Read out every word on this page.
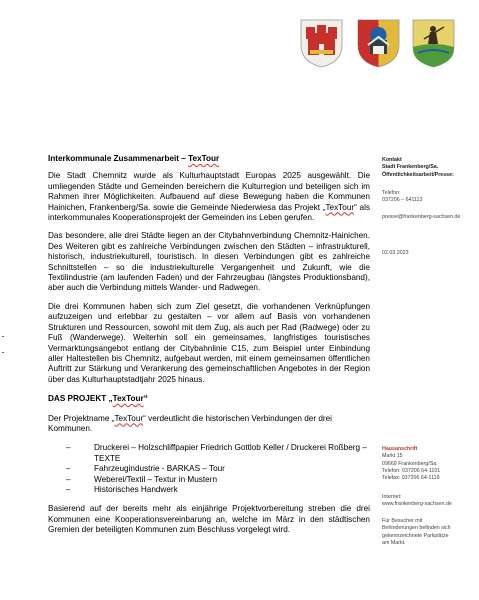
Interkommunale Zusammenarbeit – TexTour

Die Stadt Chemnitz wurde als Kulturhauptstadt Europas 2025 ausgewählt. Die umliegenden Städte und Gemeinden bereichern die Kulturregion und beteiligen sich im Rahmen ihrer Möglichkeiten. Aufbauend auf diese Bewegung haben die Kommunen Hainichen, Frankenberg/Sa. sowie die Gemeinde Niederwiesa das Projekt „TexTour“ als interkommunales Kooperationsprojekt der Gemeinden ins Leben gerufen.

Das besondere, alle drei Städte liegen an der Citybahnverbindung Chemnitz-Hainichen. Des Weiteren gibt es zahlreiche Verbindungen zwischen den Städten – infrastrukturell, historisch, industriekulturell, touristisch. In diesen Verbindungen gibt es zahlreiche Schnittstellen – so die industriekulturelle Vergangenheit und Zukunft, wie die Textilindustrie (am laufenden Faden) und der Fahrzeugbau (längstes Produktionsband), aber auch die Verbindung mittels Wander- und Radwegen.

Die drei Kommunen haben sich zum Ziel gesetzt, die vorhandenen Verknüpfungen aufzuzeigen und erlebbar zu gestalten – vor allem auf Basis von vorhandenen Strukturen und Ressourcen, sowohl mit dem Zug, als auch per Rad (Radwege) oder zu Fuß (Wanderwege). Weiterhin soll ein gemeinsames, langfristiges touristisches Vermarktungsangebot entlang der Citybahnlinie C15, zum Beispiel unter Einbindung aller Haltestellen bis Chemnitz, aufgebaut werden, mit einem gemeinsamen öffentlichen Auftritt zur Stärkung und Verankerung des gemeinschaftlichen Angebotes in der Region über das Kulturhauptstadtjahr 2025 hinaus.

DAS PROJEKT „TexTour“

Der Projektname „TexTour“ verdeutlicht die historischen Verbindungen der drei Kommunen.

– Druckerei – Holzschliffpapier Friedrich Gottlob Keller / Druckerei Roßberg – TEXTE
– Fahrzeugindustrie - BARKAS – Tour
– Weberei/Textil – Textur in Mustern
– Historisches Handwerk

Basierend auf der bereits mehr als einjährige Projektvorbereitung streben die drei Kommunen eine Kooperationsvereinbarung an, welche im März in den städtischen Gremien der beteiligten Kommunen zum Beschluss vorgelegt wird.

Kontakt
Stadt Frankenberg/Sa. Öffentlichkeitsarbeit/Presse:
Telefon:
037206 – 641113
presse@frankenberg-sachsen.de
02.03.2023
Hausanschrift
Markt 15
09669 Frankenberg/Sa.
Telefon: 037206 64-1101
Telefax: 037206 64-1119
Internet:
www.frankenberg-sachsen.de
Für Besucher mit Behinderungen befinden sich gekennzeichnete Parkplätze am Markt.
